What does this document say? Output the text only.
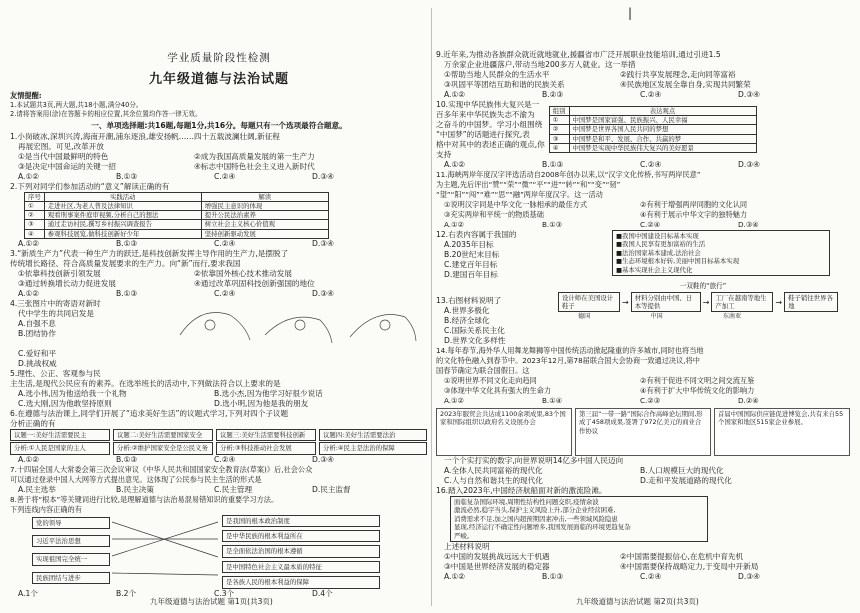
|
学业质量阶段性检测
九年级道德与法治试题
友情提醒:
1.本试题共3页,两大题,共18小题,满分40分。
2.请将答案用(涂)在答题卡的相应位置,其余位置均作答一律无效。
一、单项选择题:共16题,每题1分,共16分。每题只有一个选项最符合题意。
1.小岗破冰,深圳兴涛,海南开潮,浦东逐浪,雄安扬帆……四十五载波澜壮阔,新征程
再展宏图。可见,改革开放
①是当代中国最鲜明的特色	②成为我国高质量发展的第一生产力
③是决定中国命运的关键一招	④标志中国特色社会主义进入新时代
A.①②	B.①③	C.②④	D.③④
2.下列对同学们参加活动的“意义”解读正确的有
序号	实践活动	解读
①	走进社区,为老人普及法律知识	增强民主意识的体现
②	观看刑事案件庭审视频,分析自己的想法	提升公民法治素养
③	通过走访村民,撰写乡村振兴调查报告	树立社会主义核心价值观
④	参观科技展览,做科技创新好少年	坚持创新驱动发展
A.①②	B.①③	C.②④	D.③④
3.“新质生产力”代表一种生产力的跃迁,是科技创新发挥主导作用的生产力,是摆脱了
传统增长路径、符合高质量发展要求的生产力。向“新”而行,要求我国
①依靠科技创新引领发展	②依靠国外核心技术推动发展
③通过转换增长动力促进发展	④通过改革巩固科技创新强国的地位
A.①②	B.①③	C.②④	D.③④
4.三张图片中的寄语对新时
代中学生的共同启发是
A.自强不息
B.团结协作
C.爱好和平
D.挑战权威
5.理性、公正、客观参与民
主生活,是现代公民应有的素养。在选举班长的活动中,下列做法符合以上要求的是
A.选小伟,因为他送给我一个礼物	B.选小杰,因为他学习好很少说话
C.选大刚,因为他敢坚持原则	D.选小明,因为他是我的朋友
6.在遵德与法治课上,同学们开展了“追求美好生活”的议题式学习,下列对四个子议题
分析正确的有
议题一:美好生活需要民主	议题二:美好生活需要国家安全	议题三:美好生活需要科技创新	议题四:美好生活需要法治
分析:①人民是国家的主人	分析:②维护国家安全是公民义务	分析:③科技推动社会发展	分析:④民主是法治的保障
A.①②	B.①③	C.②④	D.③④
7.十四届全国人大常委会第三次会议审议《中华人民共和国国家安全教育法(草案)》后,社会公众
可以通过登录中国人大网等方式提出意见。这体现了公民参与民主生活的形式是
A.民主选举	B.民主决策	C.民主管理	D.民主监督
8.善于将“根本”等关键词进行比较,是理解道德与法治易混易错知识的重要学习方法。
下列连线内容正确的有
党的领导
习近平法治思想
实现祖国完全统一
民族团结与进步
是我国的根本政治制度
是中华民族的根本利益所在
是全面依法治国的根本遵循
是中国特色社会主义最本质的特征
是各族人民的根本利益的保障
A.1个	B.2个	C.3个	D.4个
九年级道德与法治试题 第1页(共3页)
9.近年来,为推动各族群众就近就地就业,援疆省市广泛开展职业技能培训,通过引进1.5
万余家企业进疆落户,带动当地200多万人就业。这一举措
①帮助当地人民群众的生活水平	②践行共享发展理念,走向同等富裕
③巩固平等团结互助和谐的民族关系	④民族地区发展全靠自身,实现共同繁荣
A.①②	B.②③	C.②④	D.③④
10.实现中华民族伟大复兴是一
百多年来中华民族失志不渝为
之奋斗的中国梦。学习小组围绕
“中国梦”的话题进行探究,表
格中对其中的表述正确的观点,你
支持
组别	表达观点
①	中国梦是国家富强、民族振兴、人民幸福
②	中国梦是世界各国人民共同的梦想
③	中国梦是和平、发展、合作、共赢的梦
④	中国梦是实现中华民族伟大复兴的美好愿景
A.①②	B.①③	C.②④	D.③④
11.海峡两岸年度汉字评选活动自2008年创办以来,以“汉字文化传桥,书写两岸民意”
为主题,先后评出“赞”“荣”“微”“平”“进”“转”“和”“变”“韧”
“望”“阳”“闯”“难”“思”“融”两岸年度汉字。这一活动
①说明汉字同是中华文化一脉相承的最佳方式	②有利于增强两岸同胞的文化认同
③充实两岸和平统一的物质基础	④有利于展示中华文字的独特魅力
A.①②	B.①③	C.②④	D.③④
12.右表内容属于我国的
A.2035年目标
B.20世纪末目标
C.建党百年目标
D.建国百年目标
■我国中国建设目标基本实现
■我国人民享有更加富裕的生活
■法治国家基本建成,法治社会
■生态环境根本好转,美丽中国目标基本实现
■基本实现社会主义现代化
13.右图材料说明了
A.世界多极化
B.经济全球化
C.国际关系民主化
D.世界文化多样性
一双鞋的“旅行”
设计师在美国设计鞋子	→ 材料分别由中国、日本等提供	→ 工厂在越南等地生产加工	→ 鞋子销往世界各地
德国	中国	东南亚
14.每年春节,海外华人用舞龙舞狮等中国传统活动掀起隆重的许多城市,同时也将当地
的文化特色融入到春节中。2023年12月,第78届联合国大会协商一致通过决议,将中
国春节确定为联合国假日。这
①说明世界不同文化走向趋同	②有利于促进不同文明之间交流互鉴
③体现中华文化具有强大的生命力	④有利于扩大中华传统文化的影响力
A.①②	B.①④	C.②③	D.②④
2023年服贸会共达成1100余项成果,83个国家和国际组织以政府名义设展办会
第三届“一带一路”国际合作高峰论坛期间,形成了458项成果,签署了972亿美元的商业合作协议
首届中国国际供应链促进博览会,共有来自55个国家和地区515家企业参展。
一个个实打实的数字,向世界说明14亿多中国人民迈向
A.全体人民共同富裕的现代化	B.人口规模巨大的现代化
C.人与自然和谐共生的现代化	D.走和平发展道路的现代化
16.踏入2023年,中国经济航船面对新的激流险滩。
面临复杂国际环境,周期性结构性问题交织,疫情余波
激流必然,稳字当头,保护主义风险上升,部分企业经营困难,
消费需求不足,加之国内超预期因素冲击,一些领域风险隐患
显现,经济运行不确定性问题增多,我国发展面临的环境更趋复杂
严峻。
上述材料说明
①中国的发展挑战远远大于机遇	②中国需要提振信心,在危机中育先机
③中国是世界经济发展的稳定器	④中国需要保持战略定力,于变局中开新局
A.①②	B.①③	C.②④	D.③④
九年级道德与法治试题 第2页(共3页)
